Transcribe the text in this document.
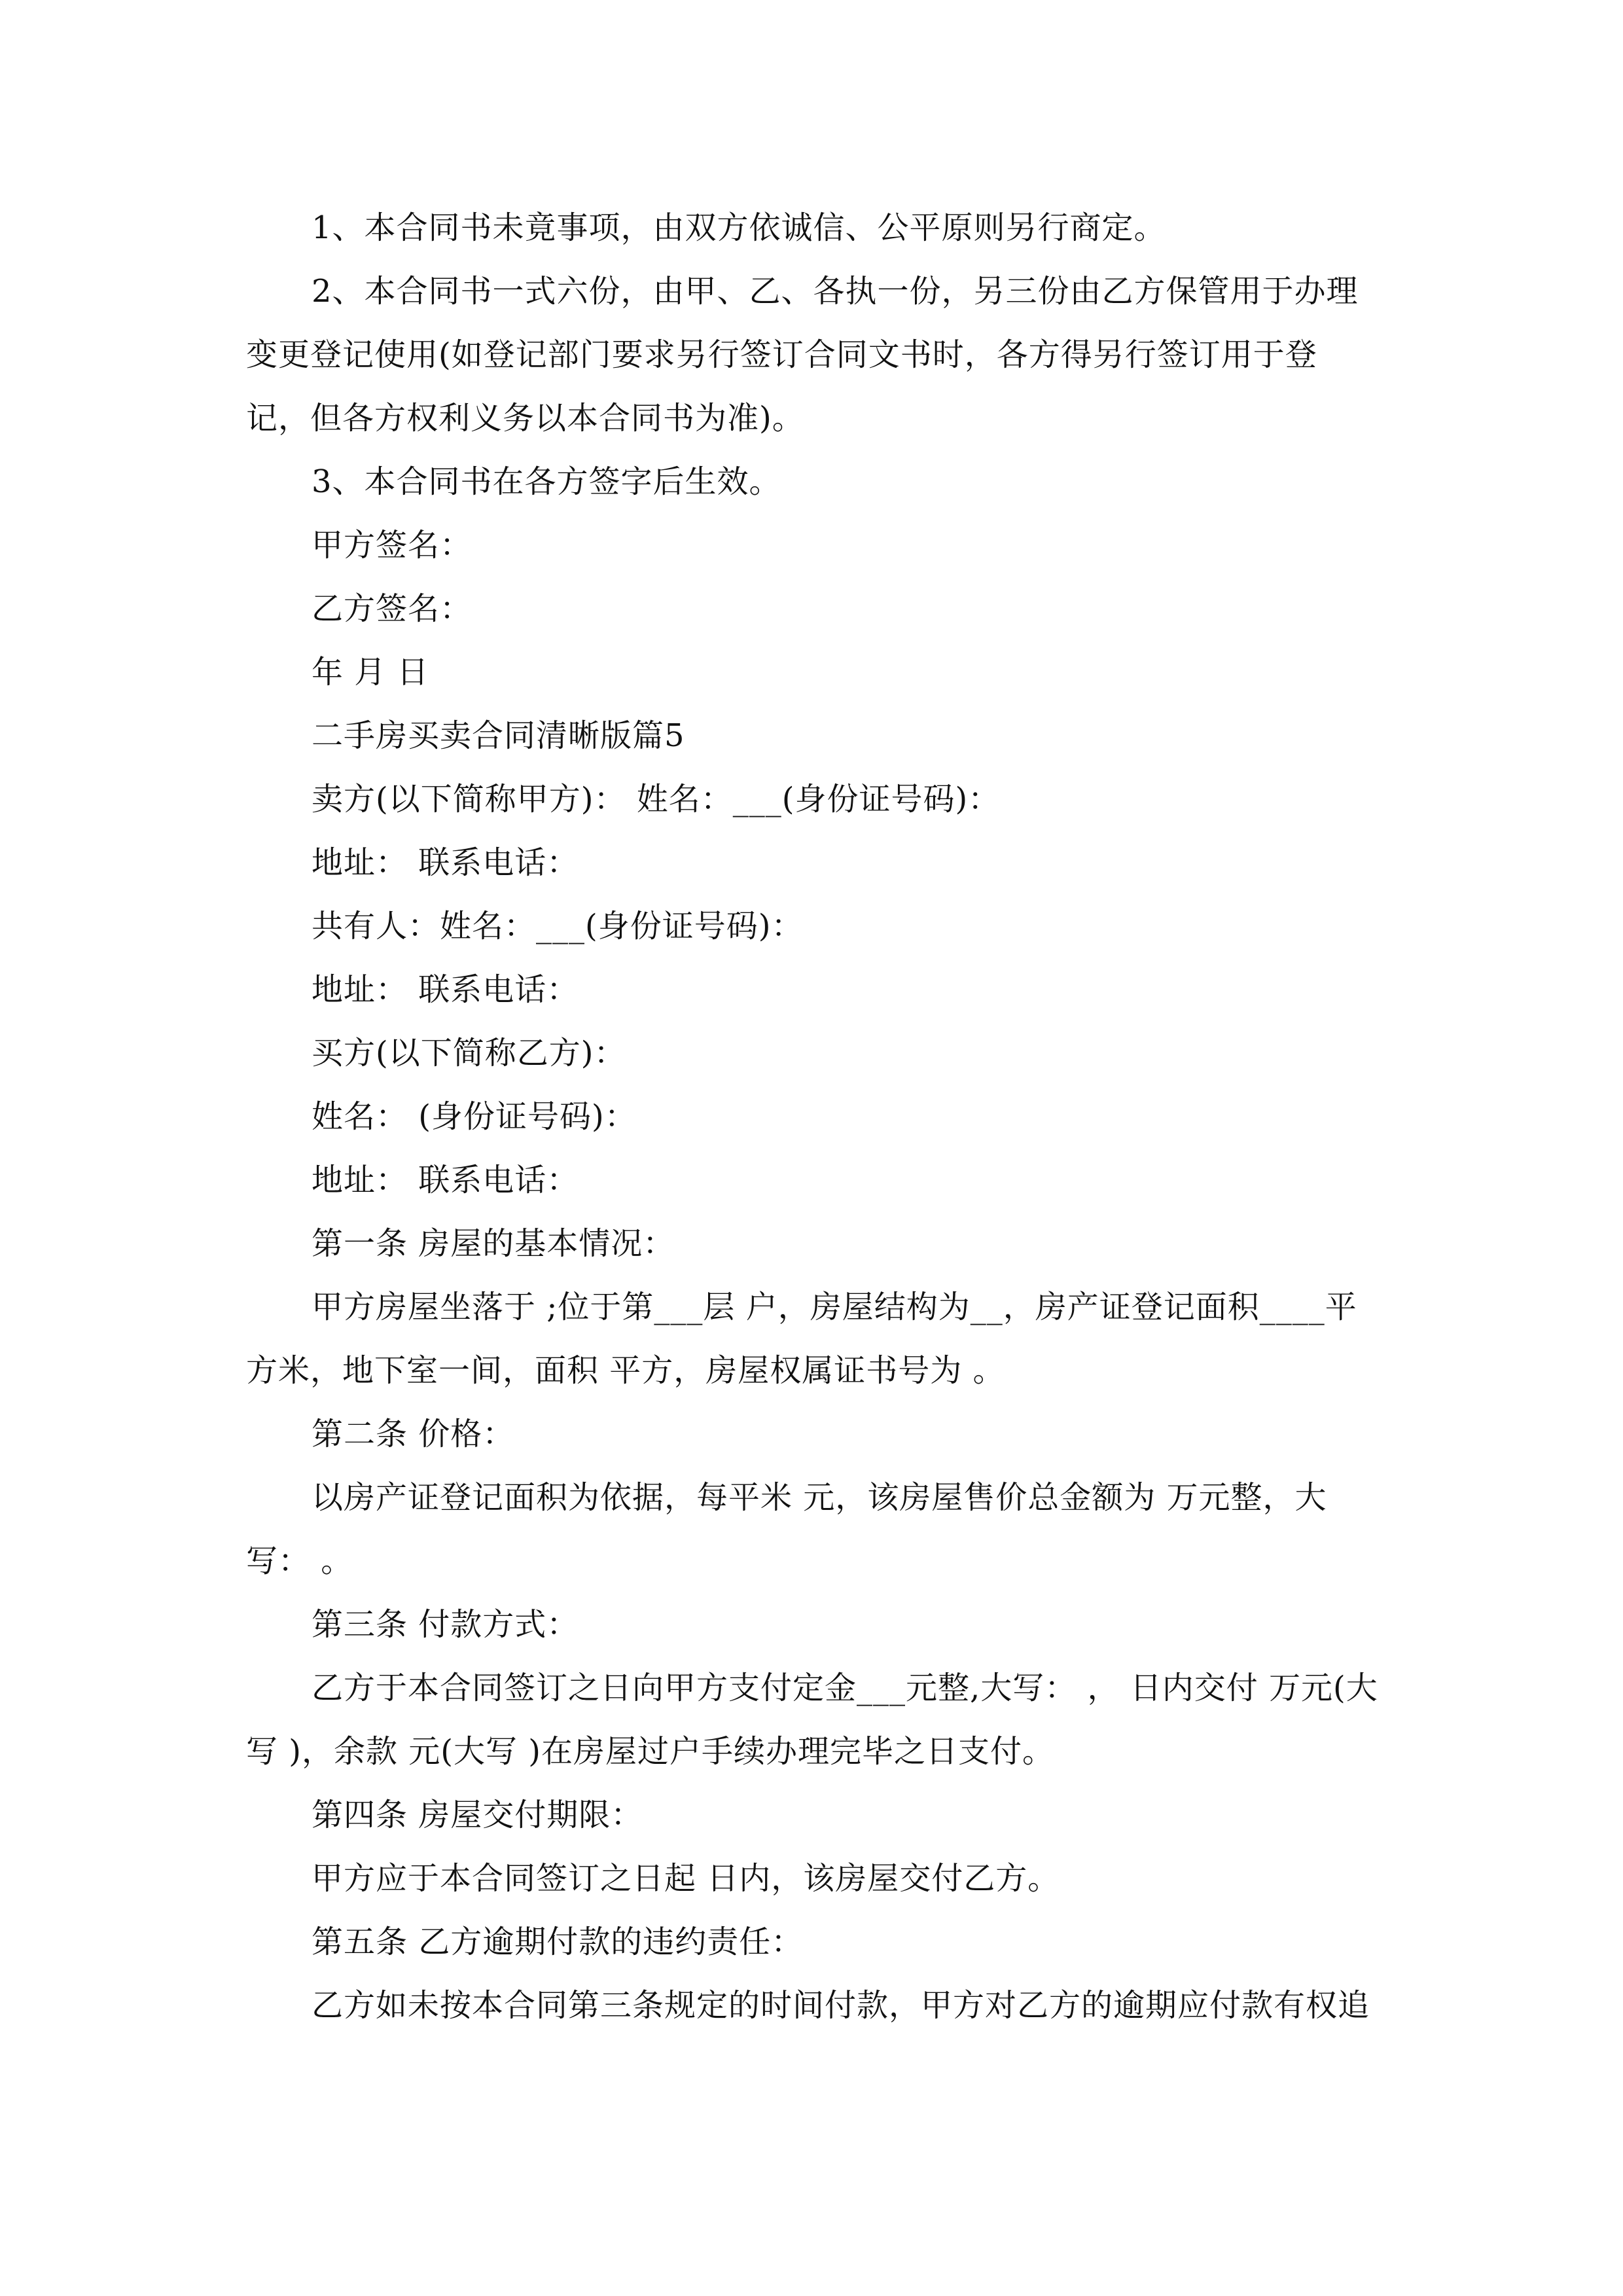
1、本合同书未竟事项，由双方依诚信、公平原则另行商定。

2、本合同书一式六份，由甲、乙、各执一份，另三份由乙方保管用于办理变更登记使用(如登记部门要求另行签订合同文书时，各方得另行签订用于登记，但各方权利义务以本合同书为准)。

3、本合同书在各方签字后生效。

甲方签名：

乙方签名：

年 月 日

二手房买卖合同清晰版篇5

卖方(以下简称甲方)： 姓名：___(身份证号码)：

地址： 联系电话：

共有人：姓名：___(身份证号码)：

地址： 联系电话：

买方(以下简称乙方)：

姓名： (身份证号码)：

地址： 联系电话：

第一条 房屋的基本情况：

甲方房屋坐落于 ;位于第___层 户，房屋结构为__，房产证登记面积____平方米，地下室一间，面积 平方，房屋权属证书号为 。

第二条 价格：

以房产证登记面积为依据，每平米 元，该房屋售价总金额为 万元整，大写： 。

第三条 付款方式：

乙方于本合同签订之日向甲方支付定金___元整,大写： ， 日内交付 万元(大写 )，余款 元(大写 )在房屋过户手续办理完毕之日支付。

第四条 房屋交付期限：

甲方应于本合同签订之日起 日内，该房屋交付乙方。

第五条 乙方逾期付款的违约责任：

乙方如未按本合同第三条规定的时间付款，甲方对乙方的逾期应付款有权追
